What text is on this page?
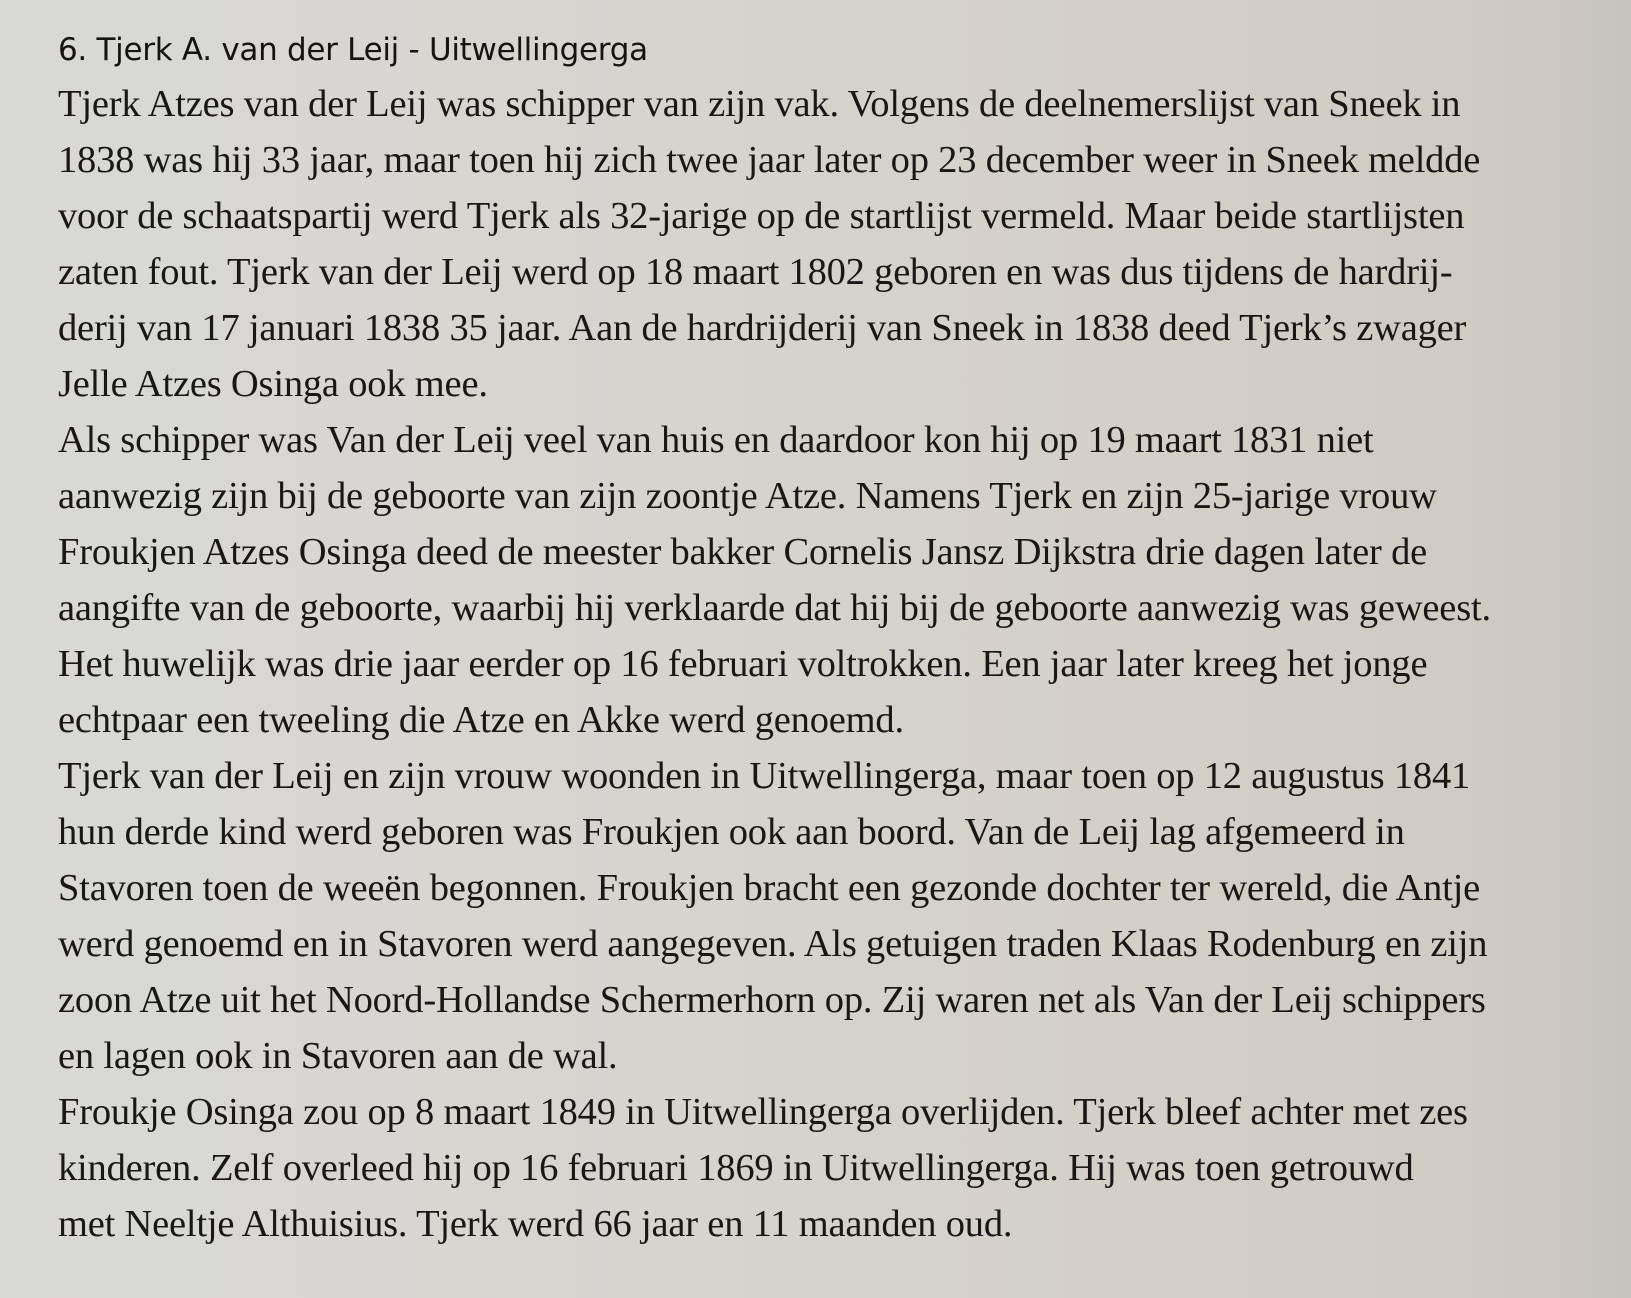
6. Tjerk A. van der Leij - Uitwellingerga
Tjerk Atzes van der Leij was schipper van zijn vak. Volgens de deelnemerslijst van Sneek in
1838 was hij 33 jaar, maar toen hij zich twee jaar later op 23 december weer in Sneek meldde
voor de schaatspartij werd Tjerk als 32-jarige op de startlijst vermeld. Maar beide startlijsten
zaten fout. Tjerk van der Leij werd op 18 maart 1802 geboren en was dus tijdens de hardrij-
derij van 17 januari 1838 35 jaar. Aan de hardrijderij van Sneek in 1838 deed Tjerk’s zwager
Jelle Atzes Osinga ook mee.
Als schipper was Van der Leij veel van huis en daardoor kon hij op 19 maart 1831 niet
aanwezig zijn bij de geboorte van zijn zoontje Atze. Namens Tjerk en zijn 25-jarige vrouw
Froukjen Atzes Osinga deed de meester bakker Cornelis Jansz Dijkstra drie dagen later de
aangifte van de geboorte, waarbij hij verklaarde dat hij bij de geboorte aanwezig was geweest.
Het huwelijk was drie jaar eerder op 16 februari voltrokken. Een jaar later kreeg het jonge
echtpaar een tweeling die Atze en Akke werd genoemd.
Tjerk van der Leij en zijn vrouw woonden in Uitwellingerga, maar toen op 12 augustus 1841
hun derde kind werd geboren was Froukjen ook aan boord. Van de Leij lag afgemeerd in
Stavoren toen de weeën begonnen. Froukjen bracht een gezonde dochter ter wereld, die Antje
werd genoemd en in Stavoren werd aangegeven. Als getuigen traden Klaas Rodenburg en zijn
zoon Atze uit het Noord-Hollandse Schermerhorn op. Zij waren net als Van der Leij schippers
en lagen ook in Stavoren aan de wal.
Froukje Osinga zou op 8 maart 1849 in Uitwellingerga overlijden. Tjerk bleef achter met zes
kinderen. Zelf overleed hij op 16 februari 1869 in Uitwellingerga. Hij was toen getrouwd
met Neeltje Althuisius. Tjerk werd 66 jaar en 11 maanden oud.
